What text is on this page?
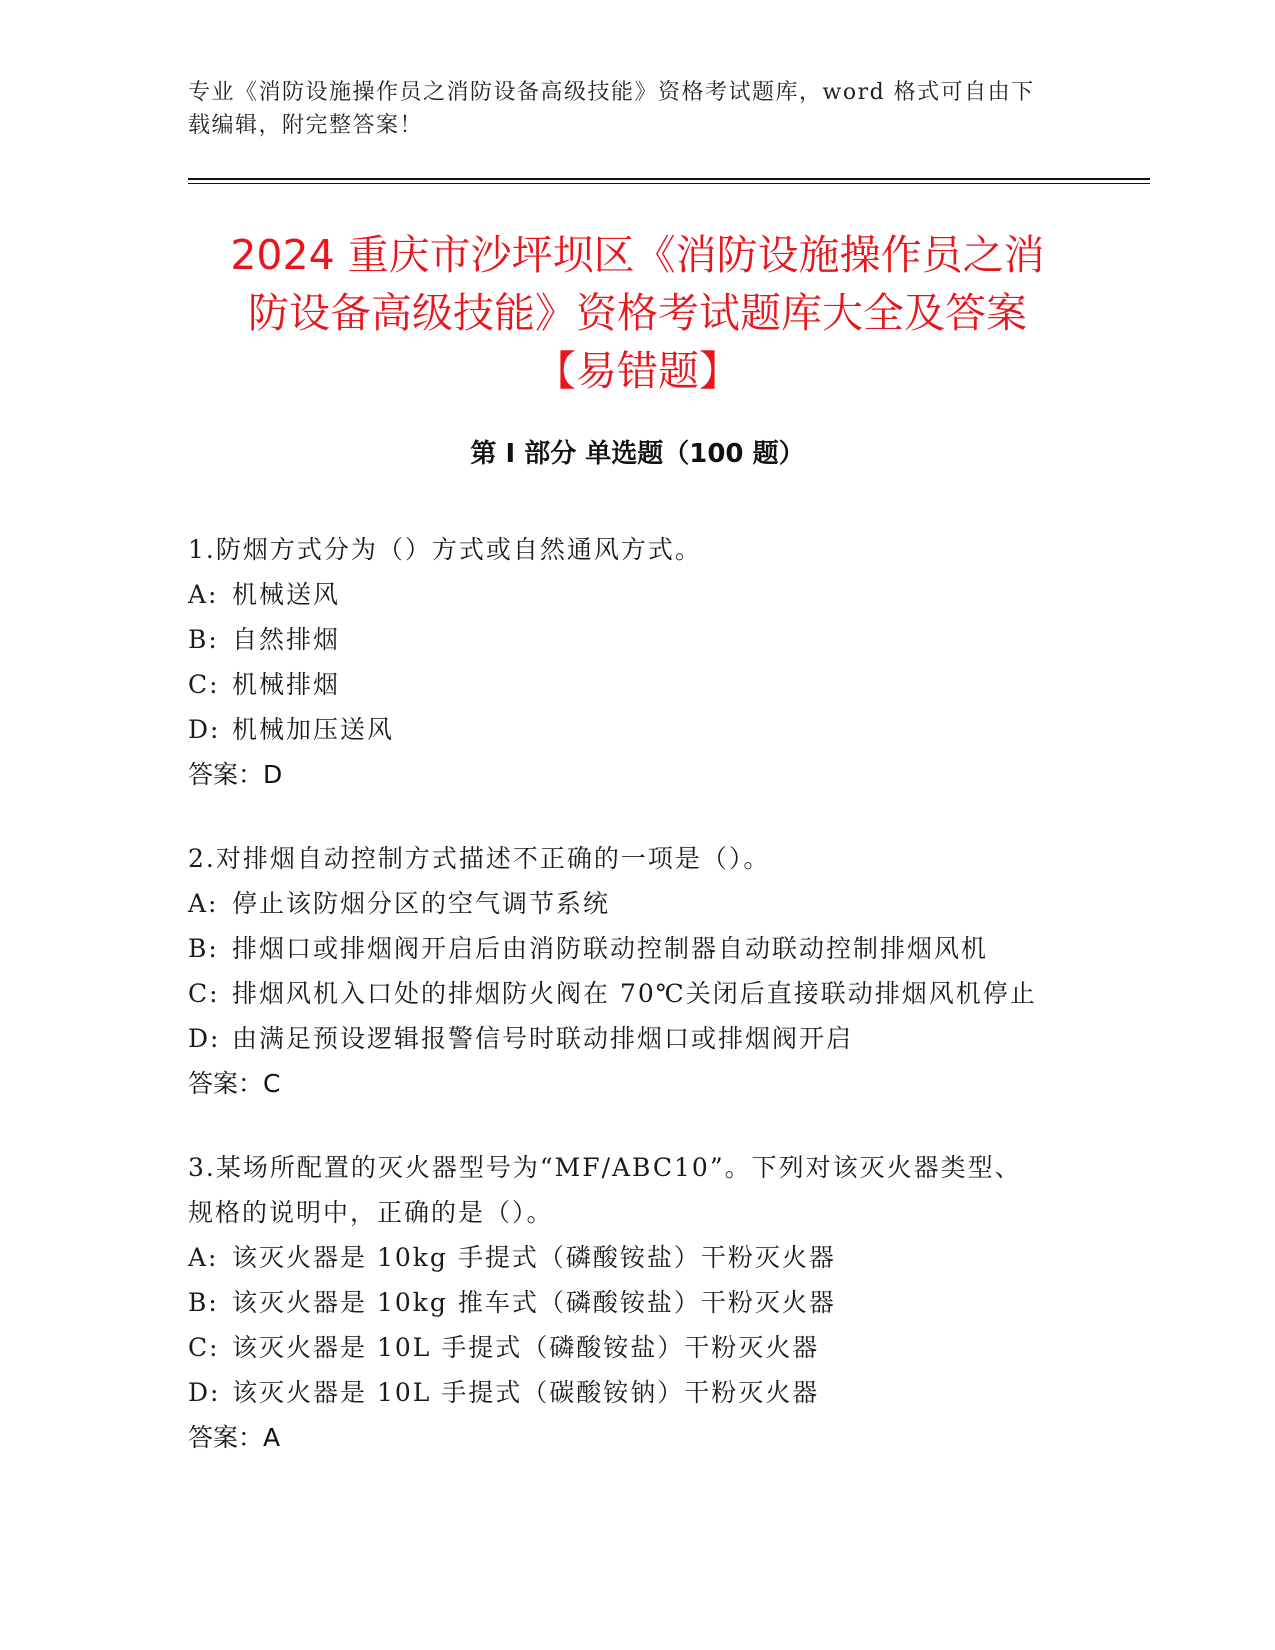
专业《消防设施操作员之消防设备高级技能》资格考试题库，word 格式可自由下
载编辑，附完整答案！
2024 重庆市沙坪坝区《消防设施操作员之消
防设备高级技能》资格考试题库大全及答案
【易错题】
第 I 部分 单选题（100 题）

1.防烟方式分为（）方式或自然通风方式。

A: 机械送风

B: 自然排烟

C: 机械排烟

D: 机械加压送风

答案：D

2.对排烟自动控制方式描述不正确的一项是（）。

A: 停止该防烟分区的空气调节系统

B: 排烟口或排烟阀开启后由消防联动控制器自动联动控制排烟风机

C: 排烟风机入口处的排烟防火阀在 70℃关闭后直接联动排烟风机停止

D: 由满足预设逻辑报警信号时联动排烟口或排烟阀开启

答案：C

3.某场所配置的灭火器型号为“MF/ABC10”。下列对该灭火器类型、

规格的说明中，正确的是（）。

A: 该灭火器是 10kg 手提式（磷酸铵盐）干粉灭火器

B: 该灭火器是 10kg 推车式（磷酸铵盐）干粉灭火器

C: 该灭火器是 10L 手提式（磷酸铵盐）干粉灭火器

D: 该灭火器是 10L 手提式（碳酸铵钠）干粉灭火器

答案：A
